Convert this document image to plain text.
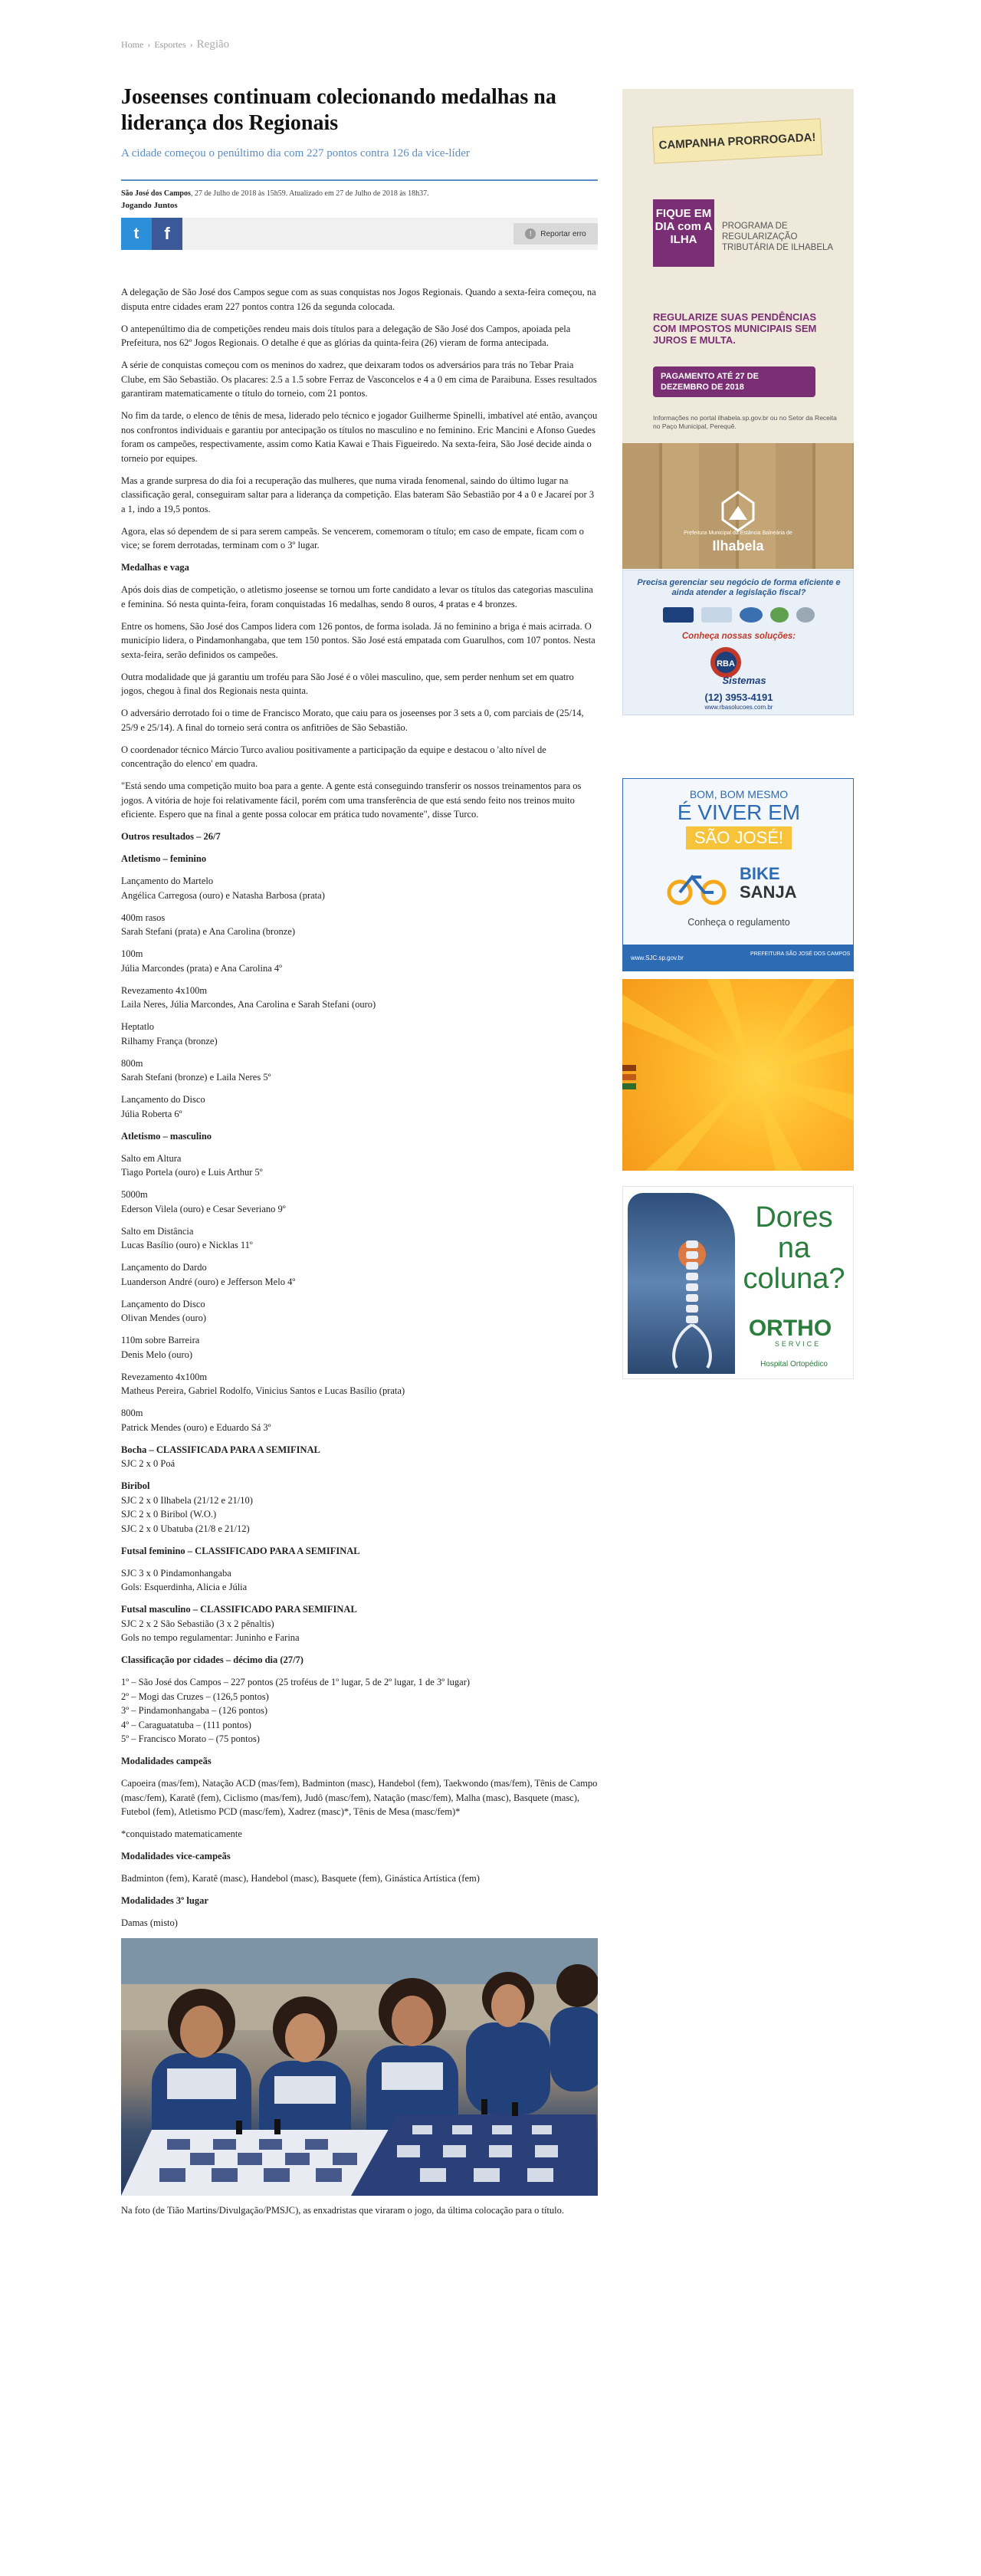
Home › Esportes › Região
Joseenses continuam colecionando medalhas na liderança dos Regionais
A cidade começou o penúltimo dia com 227 pontos contra 126 da vice-líder
São José dos Campos, 27 de Julho de 2018 às 15h59. Atualizado em 27 de Julho de 2018 às 18h37.
Jogando Juntos
t f	!	Reportar erro

A delegação de São José dos Campos segue com as suas conquistas nos Jogos Regionais. Quando a sexta-feira começou, na disputa entre cidades eram 227 pontos contra 126 da segunda colocada.

O antepenúltimo dia de competições rendeu mais dois títulos para a delegação de São José dos Campos, apoiada pela Prefeitura, nos 62º Jogos Regionais. O detalhe é que as glórias da quinta-feira (26) vieram de forma antecipada.

A série de conquistas começou com os meninos do xadrez, que deixaram todos os adversários para trás no Tebar Praia Clube, em São Sebastião. Os placares: 2.5 a 1.5 sobre Ferraz de Vasconcelos e 4 a 0 em cima de Paraibuna. Esses resultados garantiram matematicamente o título do torneio, com 21 pontos.

No fim da tarde, o elenco de tênis de mesa, liderado pelo técnico e jogador Guilherme Spinelli, imbatível até então, avançou nos confrontos individuais e garantiu por antecipação os títulos no masculino e no feminino. Eric Mancini e Afonso Guedes foram os campeões, respectivamente, assim como Katia Kawai e Thais Figueiredo. Na sexta-feira, São José decide ainda o torneio por equipes.

Mas a grande surpresa do dia foi a recuperação das mulheres, que numa virada fenomenal, saindo do último lugar na classificação geral, conseguiram saltar para a liderança da competição. Elas bateram São Sebastião por 4 a 0 e Jacareí por 3 a 1, indo a 19,5 pontos.

Agora, elas só dependem de si para serem campeãs. Se vencerem, comemoram o título; em caso de empate, ficam com o vice; se forem derrotadas, terminam com o 3º lugar.

Medalhas e vaga

Após dois dias de competição, o atletismo joseense se tornou um forte candidato a levar os títulos das categorias masculina e feminina. Só nesta quinta-feira, foram conquistadas 16 medalhas, sendo 8 ouros, 4 pratas e 4 bronzes.

Entre os homens, São José dos Campos lidera com 126 pontos, de forma isolada. Já no feminino a briga é mais acirrada. O município lidera, o Pindamonhangaba, que tem 150 pontos. São José está empatada com Guarulhos, com 107 pontos. Nesta sexta-feira, serão definidos os campeões.

Outra modalidade que já garantiu um troféu para São José é o vôlei masculino, que, sem perder nenhum set em quatro jogos, chegou à final dos Regionais nesta quinta.

O adversário derrotado foi o time de Francisco Morato, que caiu para os joseenses por 3 sets a 0, com parciais de (25/14, 25/9 e 25/14). A final do torneio será contra os anfitriões de São Sebastião.

O coordenador técnico Márcio Turco avaliou positivamente a participação da equipe e destacou o 'alto nível de concentração do elenco' em quadra.

"Está sendo uma competição muito boa para a gente. A gente está conseguindo transferir os nossos treinamentos para os jogos. A vitória de hoje foi relativamente fácil, porém com uma transferência de que está sendo feito nos treinos muito eficiente. Espero que na final a gente possa colocar em prática tudo novamente", disse Turco.

Outros resultados – 26/7
Atletismo – feminino

Lançamento do Martelo
Angélica Carregosa (ouro) e Natasha Barbosa (prata)

400m rasos
Sarah Stefani (prata) e Ana Carolina (bronze)

100m
Júlia Marcondes (prata) e Ana Carolina 4º

Revezamento 4x100m
Laila Neres, Júlia Marcondes, Ana Carolina e Sarah Stefani (ouro)

Heptatlo
Rilhamy França (bronze)

800m
Sarah Stefani (bronze) e Laila Neres 5º

Lançamento do Disco
Júlia Roberta 6º

Atletismo – masculino

Salto em Altura
Tiago Portela (ouro) e Luis Arthur 5º

5000m
Ederson Vilela (ouro) e Cesar Severiano 9º

Salto em Distância
Lucas Basílio (ouro) e Nicklas 11º

Lançamento do Dardo
Luanderson André (ouro) e Jefferson Melo 4º

Lançamento do Disco
Olivan Mendes (ouro)

110m sobre Barreira
Denis Melo (ouro)

Revezamento 4x100m
Matheus Pereira, Gabriel Rodolfo, Vinicius Santos e Lucas Basílio (prata)

800m
Patrick Mendes (ouro) e Eduardo Sá 3º

Bocha – CLASSIFICADA PARA A SEMIFINAL

SJC 2 x 0 Poá

Biribol

SJC 2 x 0 Ilhabela (21/12 e 21/10)
SJC 2 x 0 Biribol (W.O.)
SJC 2 x 0 Ubatuba (21/8 e 21/12)

Futsal feminino – CLASSIFICADO PARA A SEMIFINAL

SJC 3 x 0 Pindamonhangaba
Gols: Esquerdinha, Alicia e Júlia

Futsal masculino – CLASSIFICADO PARA SEMIFINAL

SJC 2 x 2 São Sebastião (3 x 2 pênaltis)
Gols no tempo regulamentar: Juninho e Farina

Classificação por cidades – décimo dia (27/7)

1º – São José dos Campos – 227 pontos (25 troféus de 1º lugar, 5 de 2º lugar, 1 de 3º lugar)
2º – Mogi das Cruzes – (126,5 pontos)
3º – Pindamonhangaba – (126 pontos)
4º – Caraguatatuba – (111 pontos)
5º – Francisco Morato – (75 pontos)

Modalidades campeãs

Capoeira (mas/fem), Natação ACD (mas/fem), Badminton (masc), Handebol (fem), Taekwondo (mas/fem), Tênis de Campo (masc/fem), Karatê (fem), Ciclismo (mas/fem), Judô (masc/fem), Natação (masc/fem), Malha (masc), Basquete (masc), Futebol (fem), Atletismo PCD (masc/fem), Xadrez (masc)*, Tênis de Mesa (masc/fem)*

*conquistado matematicamente

Modalidades vice-campeãs

Badminton (fem), Karatê (masc), Handebol (masc), Basquete (fem), Ginástica Artística (fem)

Modalidades 3º lugar

Damas (misto)

Na foto (de Tião Martins/Divulgação/PMSJC), as enxadristas que viraram o jogo, da última colocação para o título.
CAMPANHA PRORROGADA!
FIQUE EM DIA com A ILHA
PROGRAMA DE REGULARIZAÇÃO TRIBUTÁRIA DE ILHABELA
REGULARIZE SUAS PENDÊNCIAS COM IMPOSTOS MUNICIPAIS SEM JUROS E MULTA.
PAGAMENTO ATÉ 27 DE DEZEMBRO DE 2018
Informações no portal ilhabela.sp.gov.br ou no Setor da Receita no Paço Municipal, Perequê.
Prefeitura Municipal da Estância Balneária de
Ilhabela
Precisa gerenciar seu negócio de forma eficiente e ainda atender a legislação fiscal?
Conheça nossas soluções:
RBA
Sistemas
(12) 3953-4191
www.rbasolucoes.com.br
BOM, BOM MESMO
É VIVER EM
SÃO JOSÉ!
BIKE
SANJA
Conheça o regulamento
www.SJC.sp.gov.br
PREFEITURA SÃO JOSÉ DOS CAMPOS
Dores na coluna?
ORTHO
SERVICE
Hospital Ortopédico
